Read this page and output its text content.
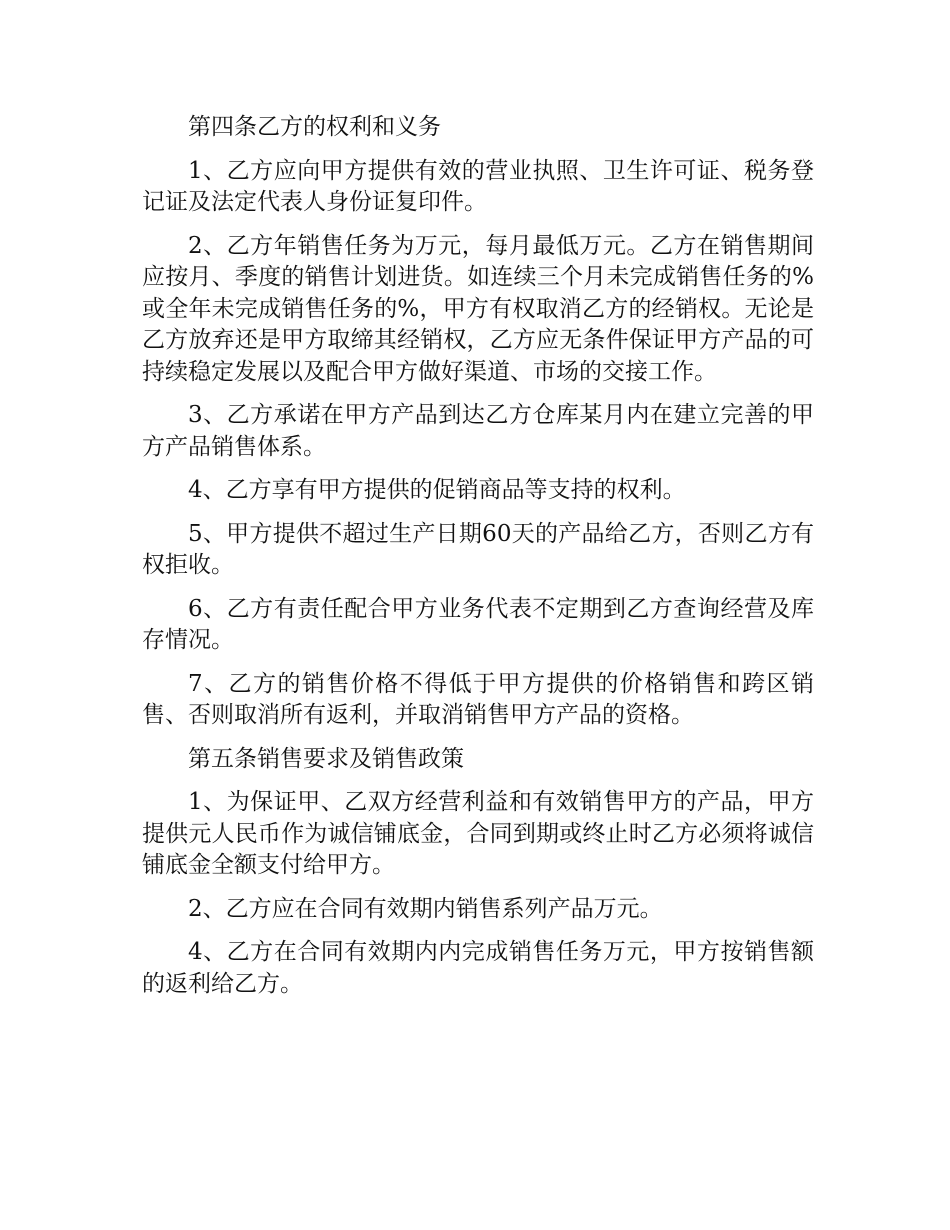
第四条乙方的权利和义务

1、乙方应向甲方提供有效的营业执照、卫生许可证、税务登记证及法定代表人身份证复印件。

2、乙方年销售任务为万元，每月最低万元。乙方在销售期间应按月、季度的销售计划进货。如连续三个月未完成销售任务的%或全年未完成销售任务的%，甲方有权取消乙方的经销权。无论是乙方放弃还是甲方取缔其经销权，乙方应无条件保证甲方产品的可持续稳定发展以及配合甲方做好渠道、市场的交接工作。

3、乙方承诺在甲方产品到达乙方仓库某月内在建立完善的甲方产品销售体系。

4、乙方享有甲方提供的促销商品等支持的权利。

5、甲方提供不超过生产日期60天的产品给乙方，否则乙方有权拒收。

6、乙方有责任配合甲方业务代表不定期到乙方查询经营及库存情况。

7、乙方的销售价格不得低于甲方提供的价格销售和跨区销售、否则取消所有返利，并取消销售甲方产品的资格。

第五条销售要求及销售政策

1、为保证甲、乙双方经营利益和有效销售甲方的产品，甲方提供元人民币作为诚信铺底金，合同到期或终止时乙方必须将诚信铺底金全额支付给甲方。

2、乙方应在合同有效期内销售系列产品万元。

4、乙方在合同有效期内内完成销售任务万元，甲方按销售额的返利给乙方。
